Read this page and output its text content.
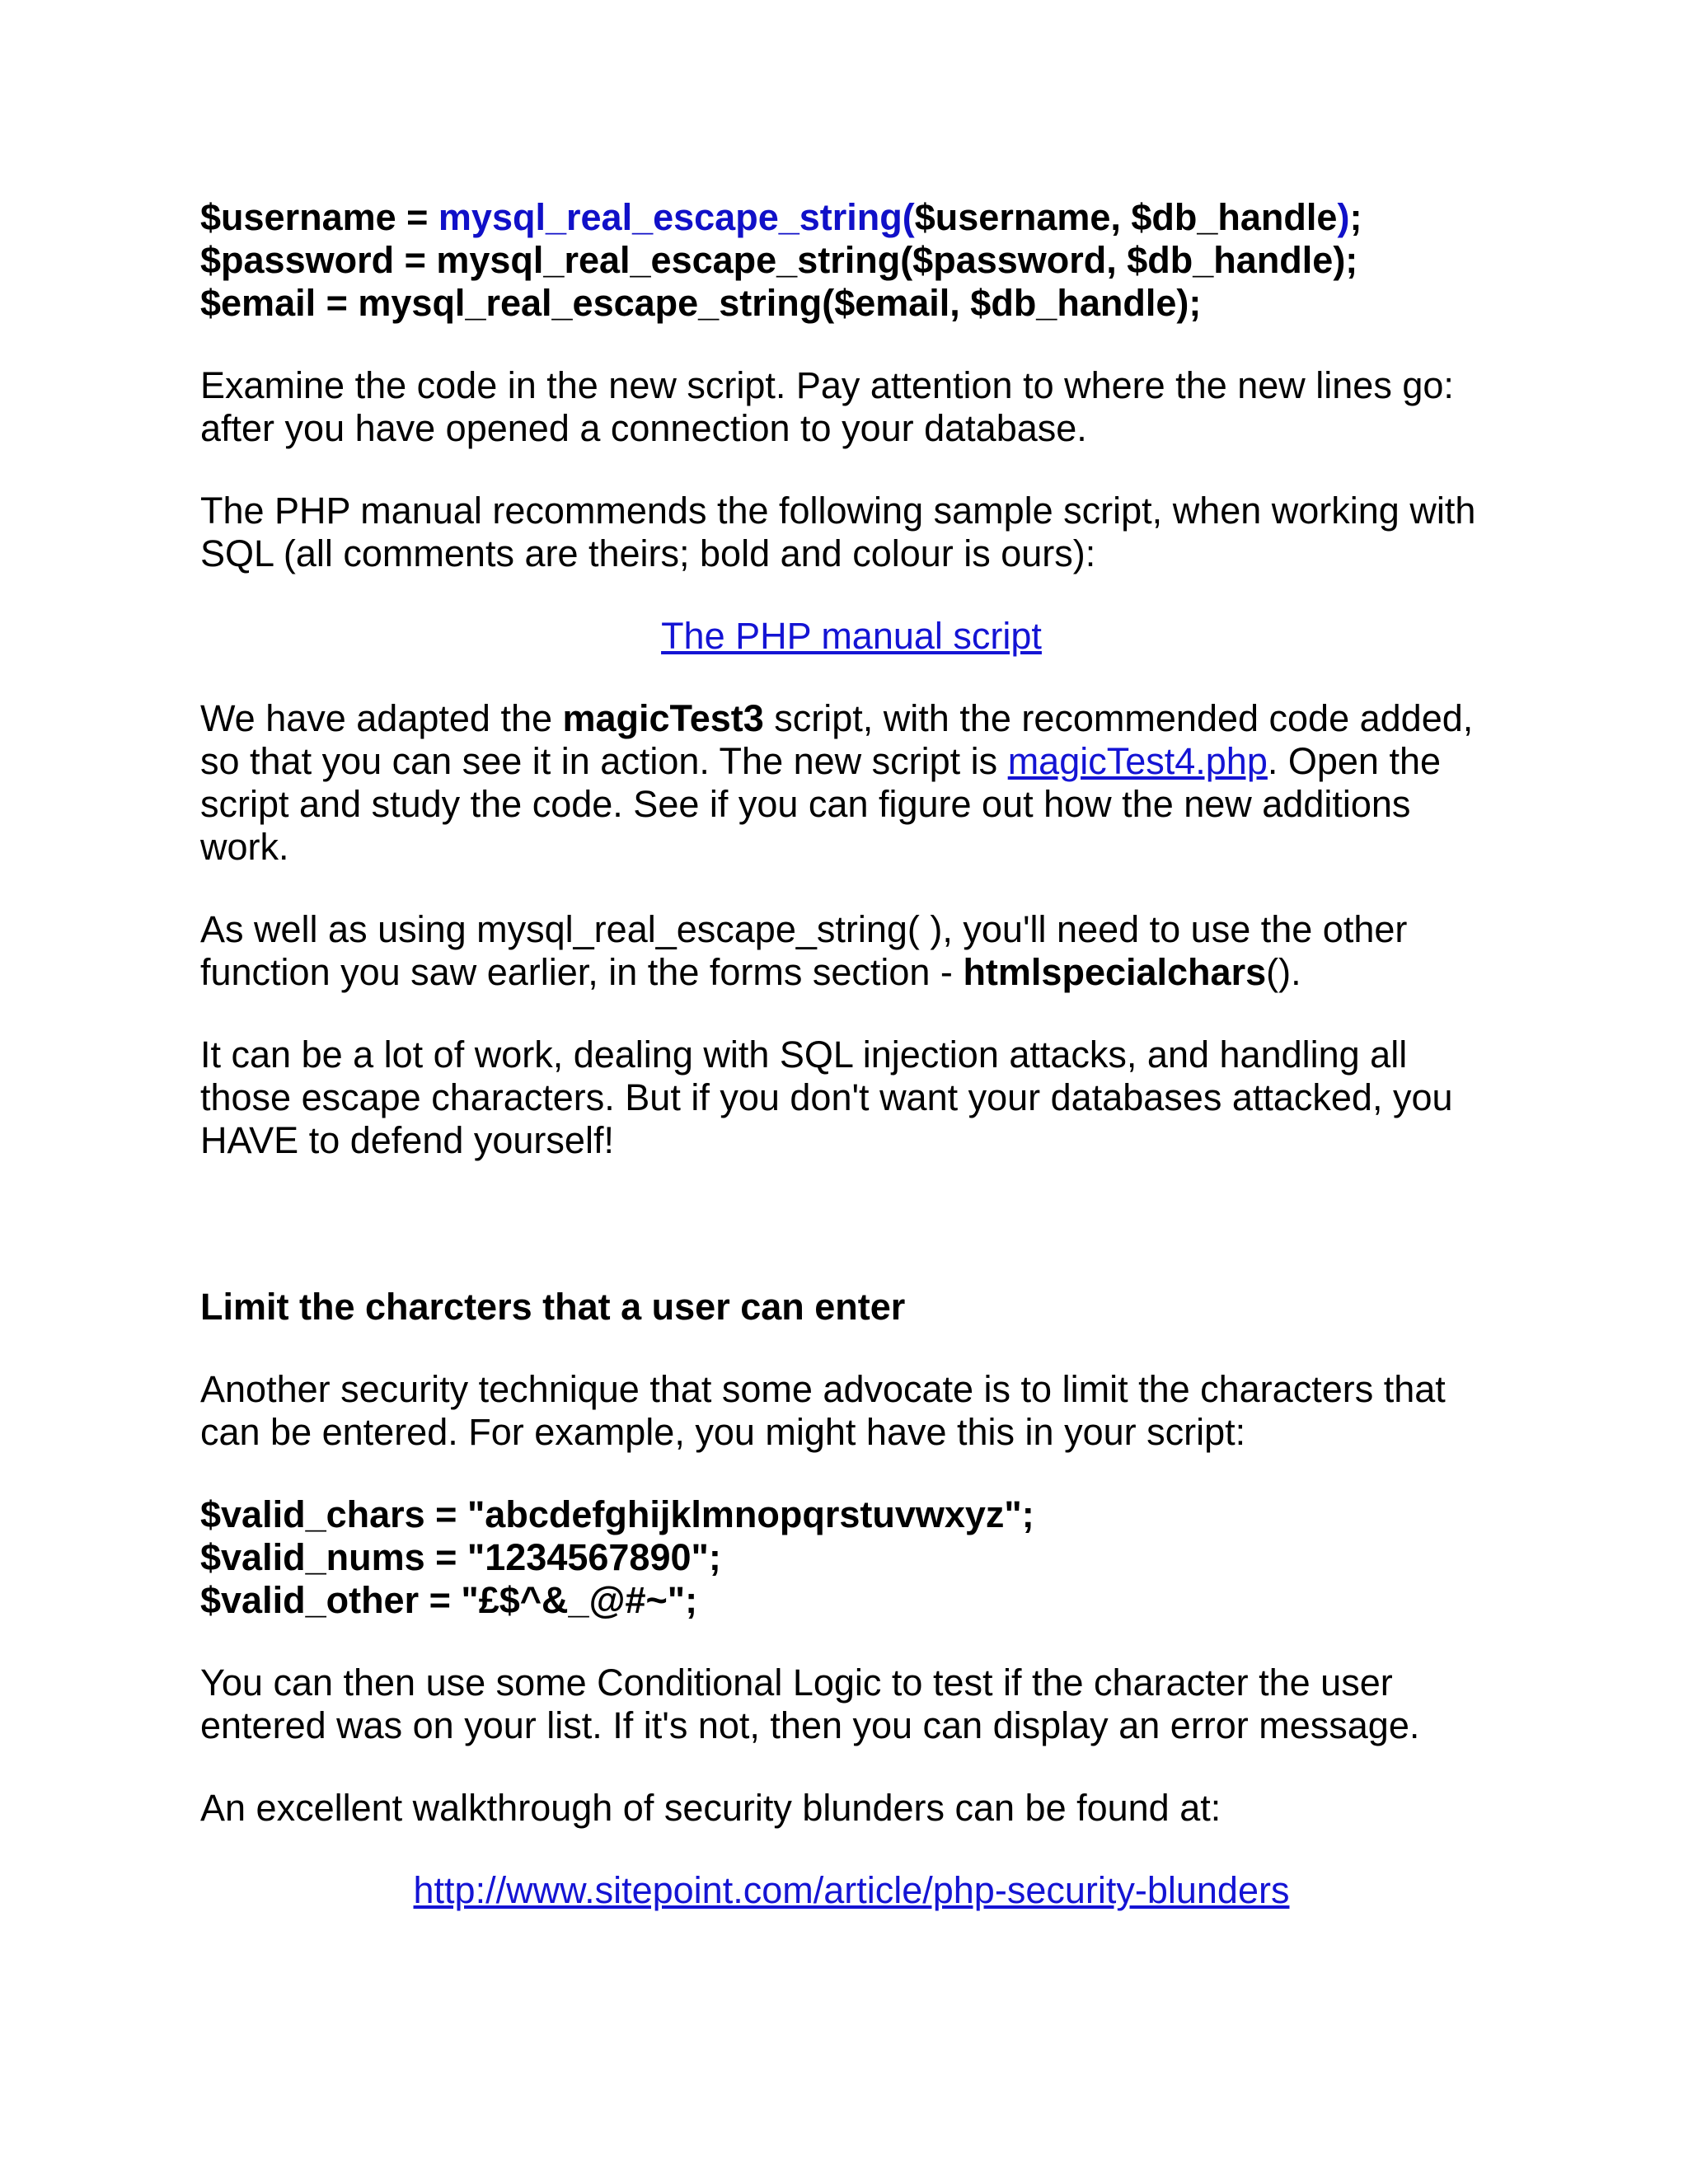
$username = mysql_real_escape_string($username, $db_handle);
$password = mysql_real_escape_string($password, $db_handle);
$email = mysql_real_escape_string($email, $db_handle);
Examine the code in the new script. Pay attention to where the new lines go:
after you have opened a connection to your database.
The PHP manual recommends the following sample script, when working with
SQL (all comments are theirs; bold and colour is ours):
The PHP manual script
We have adapted the magicTest3 script, with the recommended code added,
so that you can see it in action. The new script is magicTest4.php. Open the
script and study the code. See if you can figure out how the new additions
work.
As well as using mysql_real_escape_string( ), you'll need to use the other
function you saw earlier, in the forms section - htmlspecialchars().
It can be a lot of work, dealing with SQL injection attacks, and handling all
those escape characters. But if you don't want your databases attacked, you
HAVE to defend yourself!
Limit the charcters that a user can enter
Another security technique that some advocate is to limit the characters that
can be entered. For example, you might have this in your script:
$valid_chars = "abcdefghijklmnopqrstuvwxyz";
$valid_nums = "1234567890";
$valid_other = "£$^&_@#~";
You can then use some Conditional Logic to test if the character the user
entered was on your list. If it's not, then you can display an error message.
An excellent walkthrough of security blunders can be found at:
http://www.sitepoint.com/article/php-security-blunders
